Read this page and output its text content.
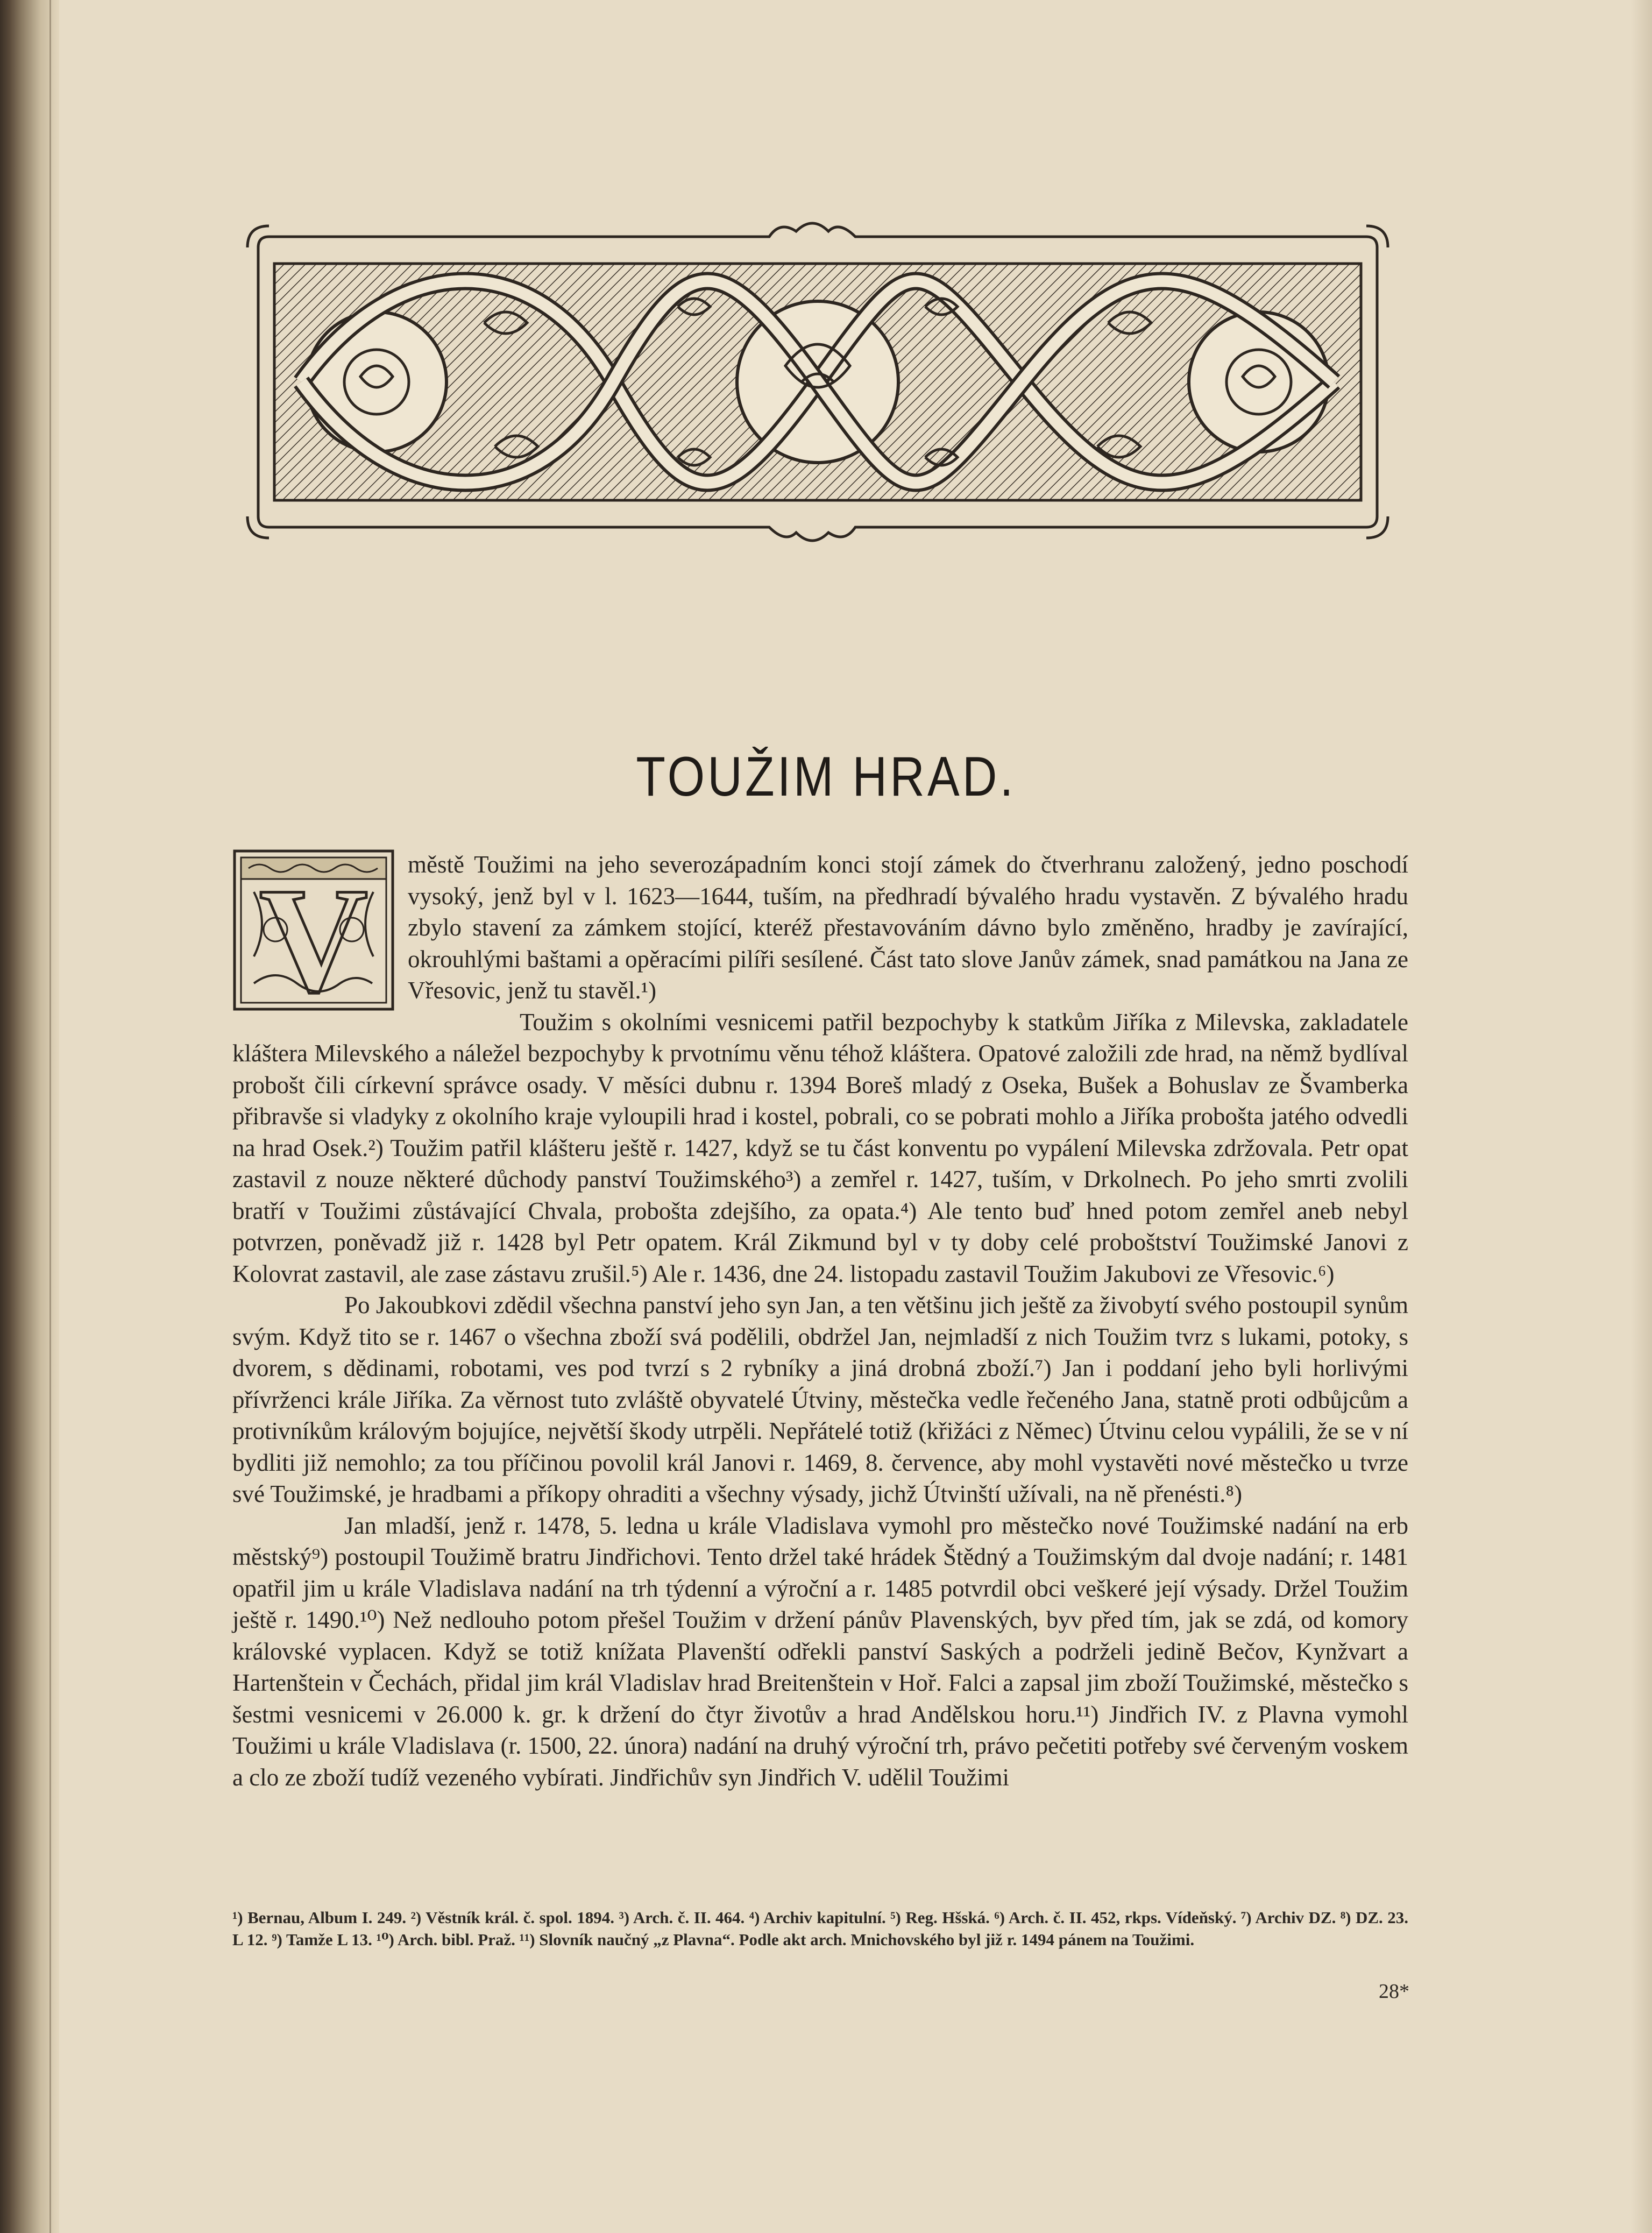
TOUŽIM HRAD.

V	městě Toužimi na jeho severozápadním konci stojí zámek do čtverhranu založený, jedno poschodí vysoký, jenž byl v l. 1623—1644, tuším, na předhradí bývalého hradu vystavěn. Z bývalého hradu zbylo stavení za zámkem stojící, kteréž přestavováním dávno bylo změněno, hradby je zavírající, okrouhlými baštami a opěracími pilíři sesílené. Část tato slove Janův zámek, snad památkou na Jana ze Vřesovic, jenž tu stavěl.¹)

Toužim s okolními vesnicemi patřil bezpochyby k statkům Jiříka z Milevska, zakladatele kláštera Milevského a náležel bezpochyby k prvotnímu věnu téhož kláštera. Opatové založili zde hrad, na němž bydlíval probošt čili církevní správce osady. V měsíci dubnu r. 1394 Boreš mladý z Oseka, Bušek a Bohuslav ze Švamberka přibravše si vladyky z okolního kraje vyloupili hrad i kostel, pobrali, co se pobrati mohlo a Jiříka probošta jatého odvedli na hrad Osek.²) Toužim patřil klášteru ještě r. 1427, když se tu část konventu po vypálení Milevska zdržovala. Petr opat zastavil z nouze některé důchody panství Toužimského³) a zemřel r. 1427, tuším, v Drkolnech. Po jeho smrti zvolili bratří v Toužimi zůstávající Chvala, probošta zdejšího, za opata.⁴) Ale tento buď hned potom zemřel aneb nebyl potvrzen, poněvadž již r. 1428 byl Petr opatem. Král Zikmund byl v ty doby celé proboštství Toužimské Janovi z Kolovrat zastavil, ale zase zástavu zrušil.⁵) Ale r. 1436, dne 24. listopadu zastavil Toužim Jakubovi ze Vřesovic.⁶)

Po Jakoubkovi zdědil všechna panství jeho syn Jan, a ten většinu jich ještě za živobytí svého postoupil synům svým. Když tito se r. 1467 o všechna zboží svá podělili, obdržel Jan, nejmladší z nich Toužim tvrz s lukami, potoky, s dvorem, s dědinami, robotami, ves pod tvrzí s 2 rybníky a jiná drobná zboží.⁷) Jan i poddaní jeho byli horlivými přívrženci krále Jiříka. Za věrnost tuto zvláště obyvatelé Útviny, městečka vedle řečeného Jana, statně proti odbůjcům a protivníkům královým bojujíce, největší škody utrpěli. Nepřátelé totiž (křižáci z Němec) Útvinu celou vypálili, že se v ní bydliti již nemohlo; za tou příčinou povolil král Janovi r. 1469, 8. července, aby mohl vystavěti nové městečko u tvrze své Toužimské, je hradbami a příkopy ohraditi a všechny výsady, jichž Útvinští užívali, na ně přenésti.⁸)

Jan mladší, jenž r. 1478, 5. ledna u krále Vladislava vymohl pro městečko nové Toužimské nadání na erb městský⁹) postoupil Toužimě bratru Jindřichovi. Tento držel také hrádek Štědný a Toužimským dal dvoje nadání; r. 1481 opatřil jim u krále Vladislava nadání na trh týdenní a výroční a r. 1485 potvrdil obci veškeré její výsady. Držel Toužim ještě r. 1490.¹⁰) Než nedlouho potom přešel Toužim v držení pánův Plavenských, byv před tím, jak se zdá, od komory královské vyplacen. Když se totiž knížata Plavenští odřekli panství Saských a podrželi jedině Bečov, Kynžvart a Hartenštein v Čechách, přidal jim král Vladislav hrad Breitenštein v Hoř. Falci a zapsal jim zboží Toužimské, městečko s šestmi vesnicemi v 26.000 k. gr. k držení do čtyr životův a hrad Andělskou horu.¹¹) Jindřich IV. z Plavna vymohl Toužimi u krále Vladislava (r. 1500, 22. února) nadání na druhý výroční trh, právo pečetiti potřeby své červeným voskem a clo ze zboží tudíž vezeného vybírati. Jindřichův syn Jindřich V. udělil Toužimi

¹) Bernau, Album I. 249. ²) Věstník král. č. spol. 1894. ³) Arch. č. II. 464. ⁴) Archiv kapitulní. ⁵) Reg. Hšská. ⁶) Arch. č. II. 452, rkps. Vídeňský. ⁷) Archiv DZ. ⁸) DZ. 23. L 12. ⁹) Tamže L 13. ¹⁰) Arch. bibl. Praž. ¹¹) Slovník naučný „z Plavna“. Podle akt arch. Mnichovského byl již r. 1494 pánem na Toužimi.
28*
